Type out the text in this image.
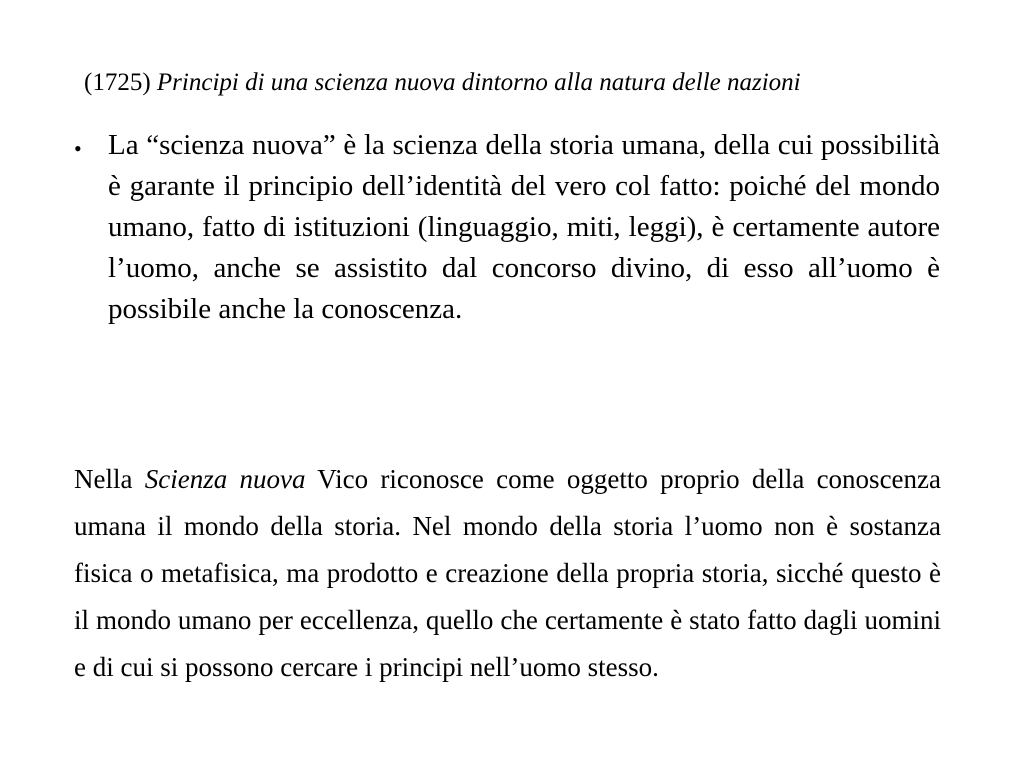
(1725) Principi di una scienza nuova dintorno alla natura delle nazioni
• La “scienza nuova” è la scienza della storia umana, della cui possibilità è garante il principio dell’identità del vero col fatto: poiché del mondo umano, fatto di istituzioni (linguaggio, miti, leggi), è certamente autore l’uomo, anche se assistito dal concorso divino, di esso all’uomo è possibile anche la conoscenza.

Nella Scienza nuova Vico riconosce come oggetto proprio della conoscenza umana il mondo della storia. Nel mondo della storia l’uomo non è sostanza fisica o metafisica, ma prodotto e creazione della propria storia, sicché questo è il mondo umano per eccellenza, quello che certamente è stato fatto dagli uomini e di cui si possono cercare i principi nell’uomo stesso.
